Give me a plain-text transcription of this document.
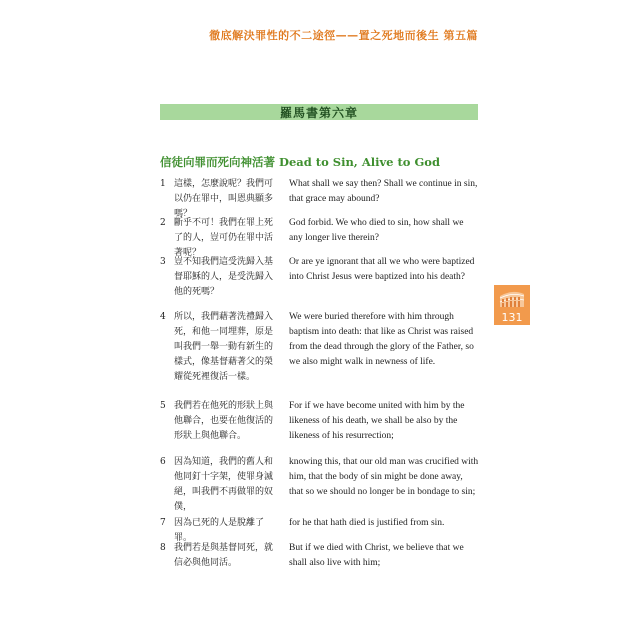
徹底解決罪性的不二途徑——置之死地而後生 第五篇
羅馬書第六章
信徒向罪而死向神活著 Dead to Sin, Alive to God
1 這樣，怎麼說呢？我們可以仍在罪中，叫恩典顯多嗎？
What shall we say then? Shall we continue in sin, that grace may abound?
2 斷乎不可！我們在罪上死了的人，豈可仍在罪中活著呢？
God forbid. We who died to sin, how shall we any longer live therein?
3 豈不知我們這受洗歸入基督耶穌的人，是受洗歸入他的死嗎？
Or are ye ignorant that all we who were baptized into Christ Jesus were baptized into his death?
4 所以，我們藉著洗禮歸入死，和他一同埋葬，原是叫我們一舉一動有新生的樣式，像基督藉著父的榮耀從死裡復活一樣。
We were buried therefore with him through baptism into death: that like as Christ was raised from the dead through the glory of the Father, so we also might walk in newness of life.
5 我們若在他死的形狀上與他聯合，也要在他復活的形狀上與他聯合。
For if we have become united with him by the likeness of his death, we shall be also by the likeness of his resurrection;
6 因為知道，我們的舊人和他同釘十字架，使罪身滅絕，叫我們不再做罪的奴僕，
knowing this, that our old man was crucified with him, that the body of sin might be done away, that so we should no longer be in bondage to sin;
7 因為已死的人是脫離了罪。
for he that hath died is justified from sin.
8 我們若是與基督同死，就信必與他同活。
But if we died with Christ, we believe that we shall also live with him;
131
